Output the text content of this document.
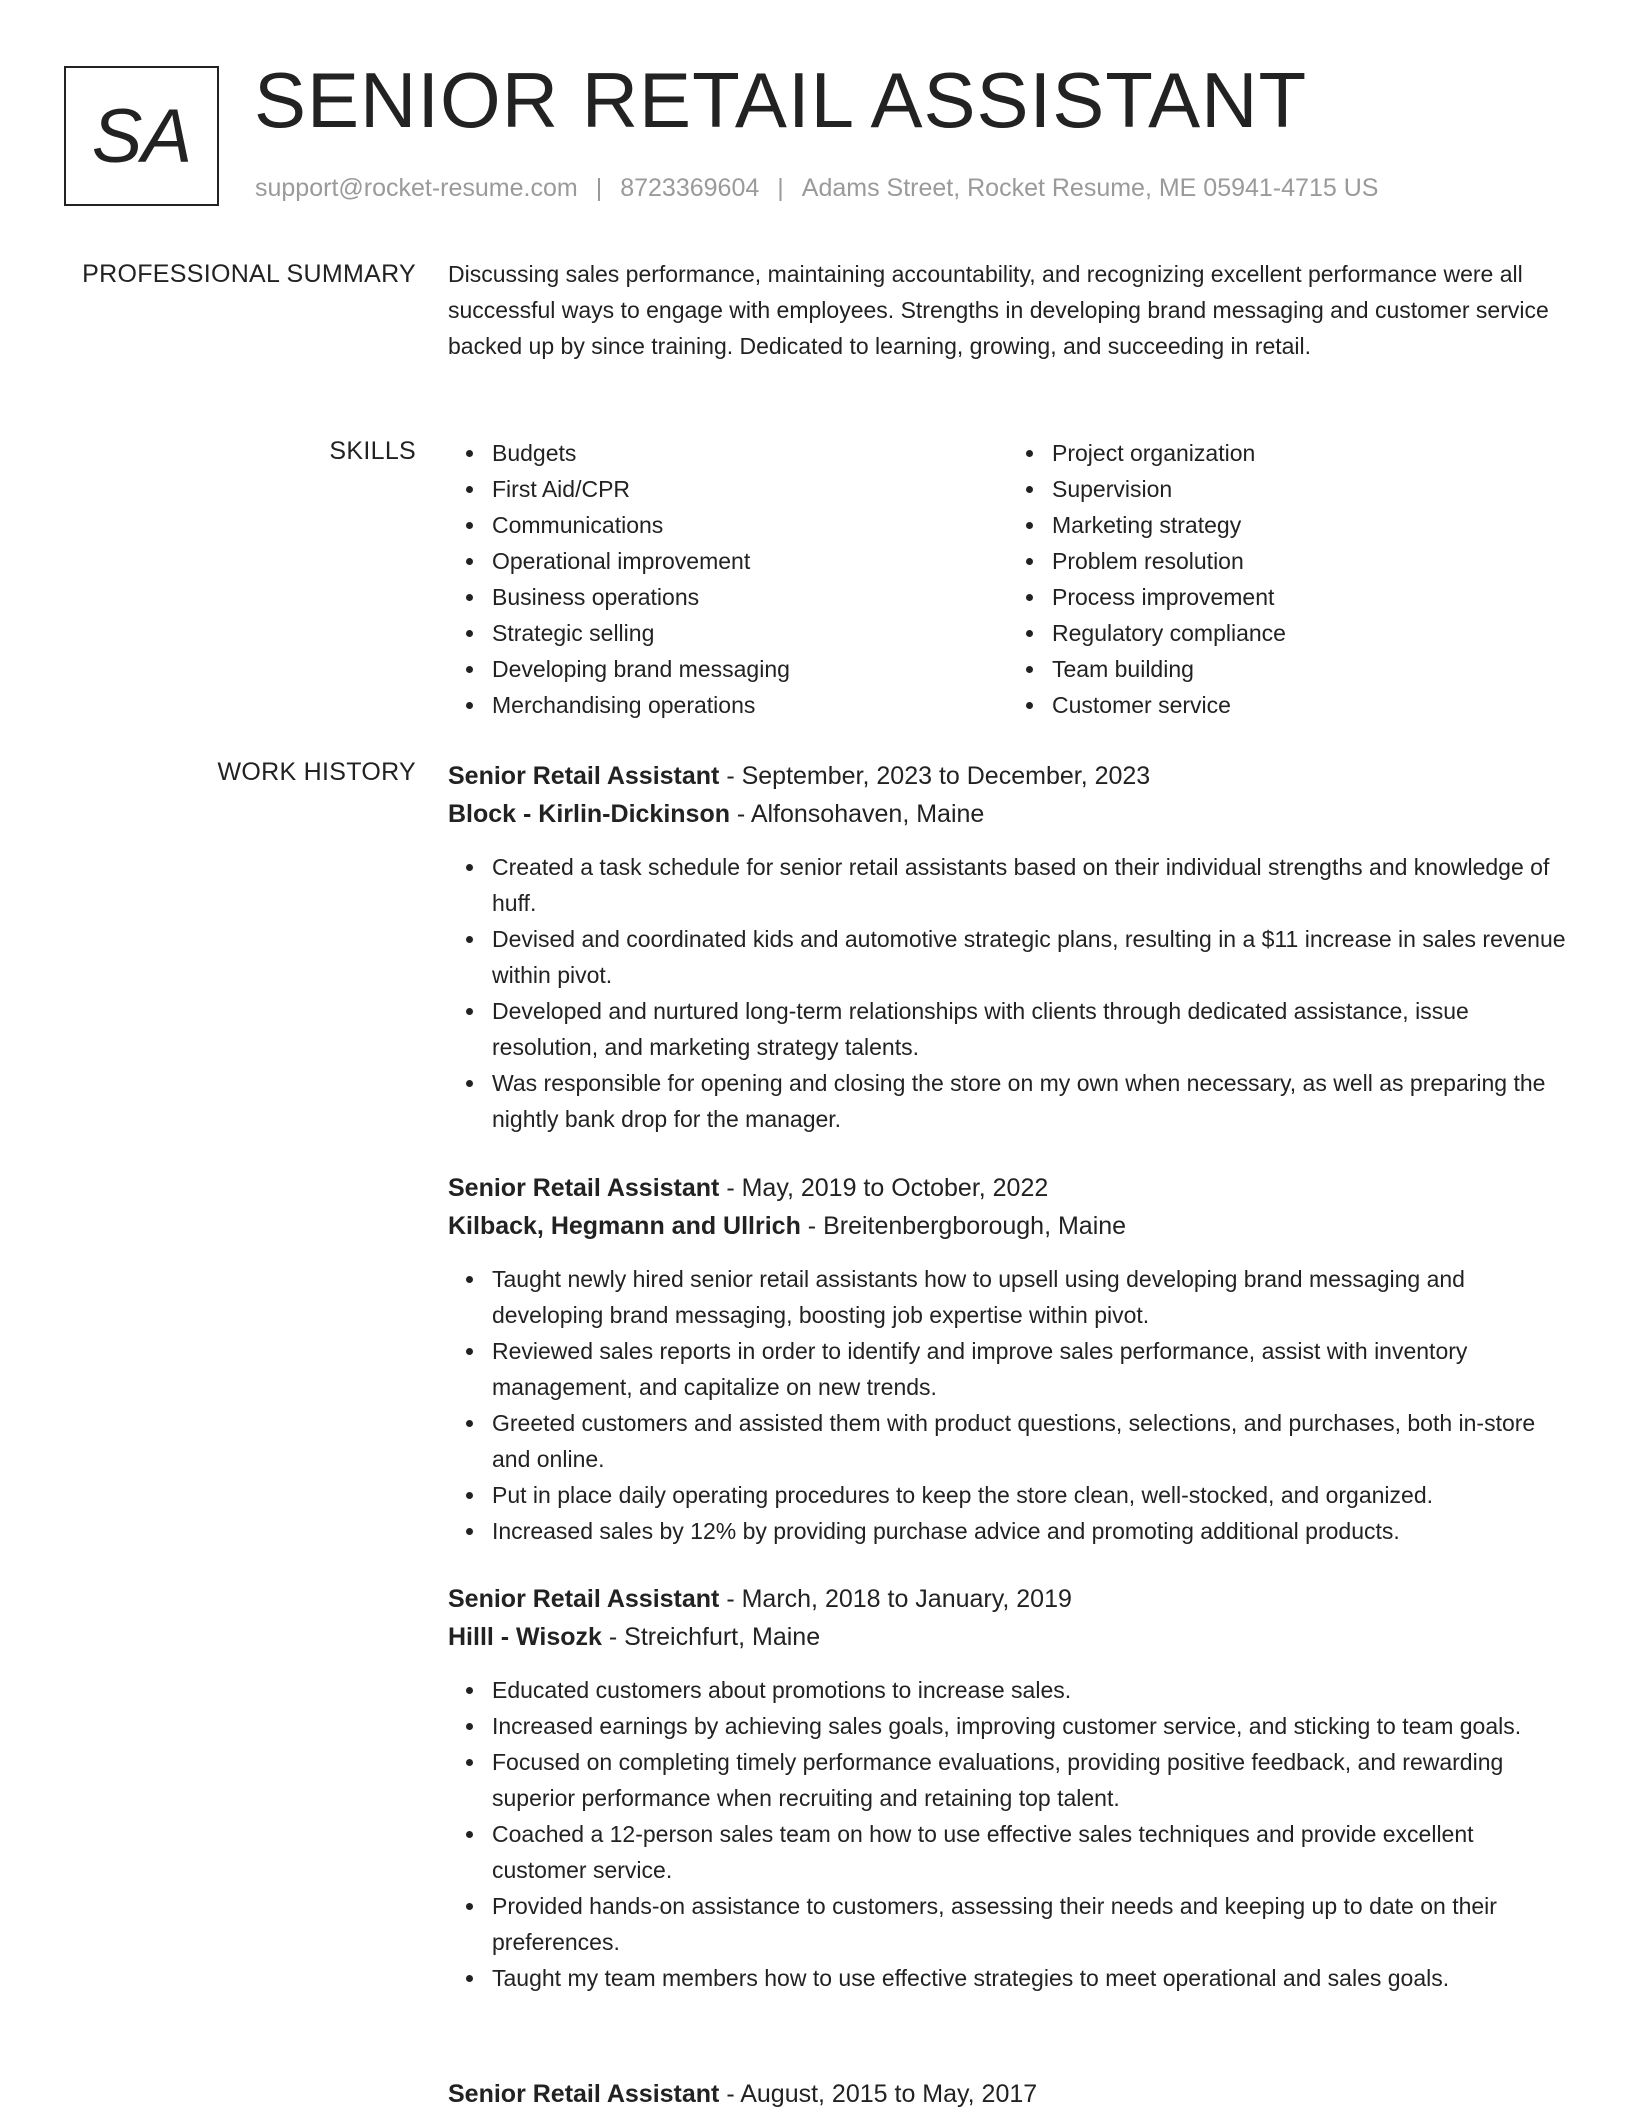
SA SENIOR RETAIL ASSISTANT
support@rocket-resume.com | 8723369604 | Adams Street, Rocket Resume, ME 05941-4715 US
PROFESSIONAL SUMMARY Discussing sales performance, maintaining accountability, and recognizing excellent performance were all successful ways to engage with employees. Strengths in developing brand messaging and customer service backed up by since training. Dedicated to learning, growing, and succeeding in retail.
SKILLS	Budgets
First Aid/CPR
Communications
Operational improvement
Business operations
Strategic selling
Developing brand messaging
Merchandising operations
Project organization
Supervision
Marketing strategy
Problem resolution
Process improvement
Regulatory compliance
Team building
Customer service
WORK HISTORY Senior Retail Assistant - September, 2023 to December, 2023
Block - Kirlin-Dickinson - Alfonsohaven, Maine
Created a task schedule for senior retail assistants based on their individual strengths and knowledge of huff.
Devised and coordinated kids and automotive strategic plans, resulting in a $11 increase in sales revenue within pivot.
Developed and nurtured long-term relationships with clients through dedicated assistance, issue resolution, and marketing strategy talents.
Was responsible for opening and closing the store on my own when necessary, as well as preparing the nightly bank drop for the manager.
Senior Retail Assistant - May, 2019 to October, 2022
Kilback, Hegmann and Ullrich - Breitenbergborough, Maine
Taught newly hired senior retail assistants how to upsell using developing brand messaging and developing brand messaging, boosting job expertise within pivot.
Reviewed sales reports in order to identify and improve sales performance, assist with inventory management, and capitalize on new trends.
Greeted customers and assisted them with product questions, selections, and purchases, both in-store and online.
Put in place daily operating procedures to keep the store clean, well-stocked, and organized.
Increased sales by 12% by providing purchase advice and promoting additional products.
Senior Retail Assistant - March, 2018 to January, 2019
Hilll - Wisozk - Streichfurt, Maine
Educated customers about promotions to increase sales.
Increased earnings by achieving sales goals, improving customer service, and sticking to team goals.
Focused on completing timely performance evaluations, providing positive feedback, and rewarding superior performance when recruiting and retaining top talent.
Coached a 12-person sales team on how to use effective sales techniques and provide excellent customer service.
Provided hands-on assistance to customers, assessing their needs and keeping up to date on their preferences.
Taught my team members how to use effective strategies to meet operational and sales goals.
Senior Retail Assistant - August, 2015 to May, 2017
